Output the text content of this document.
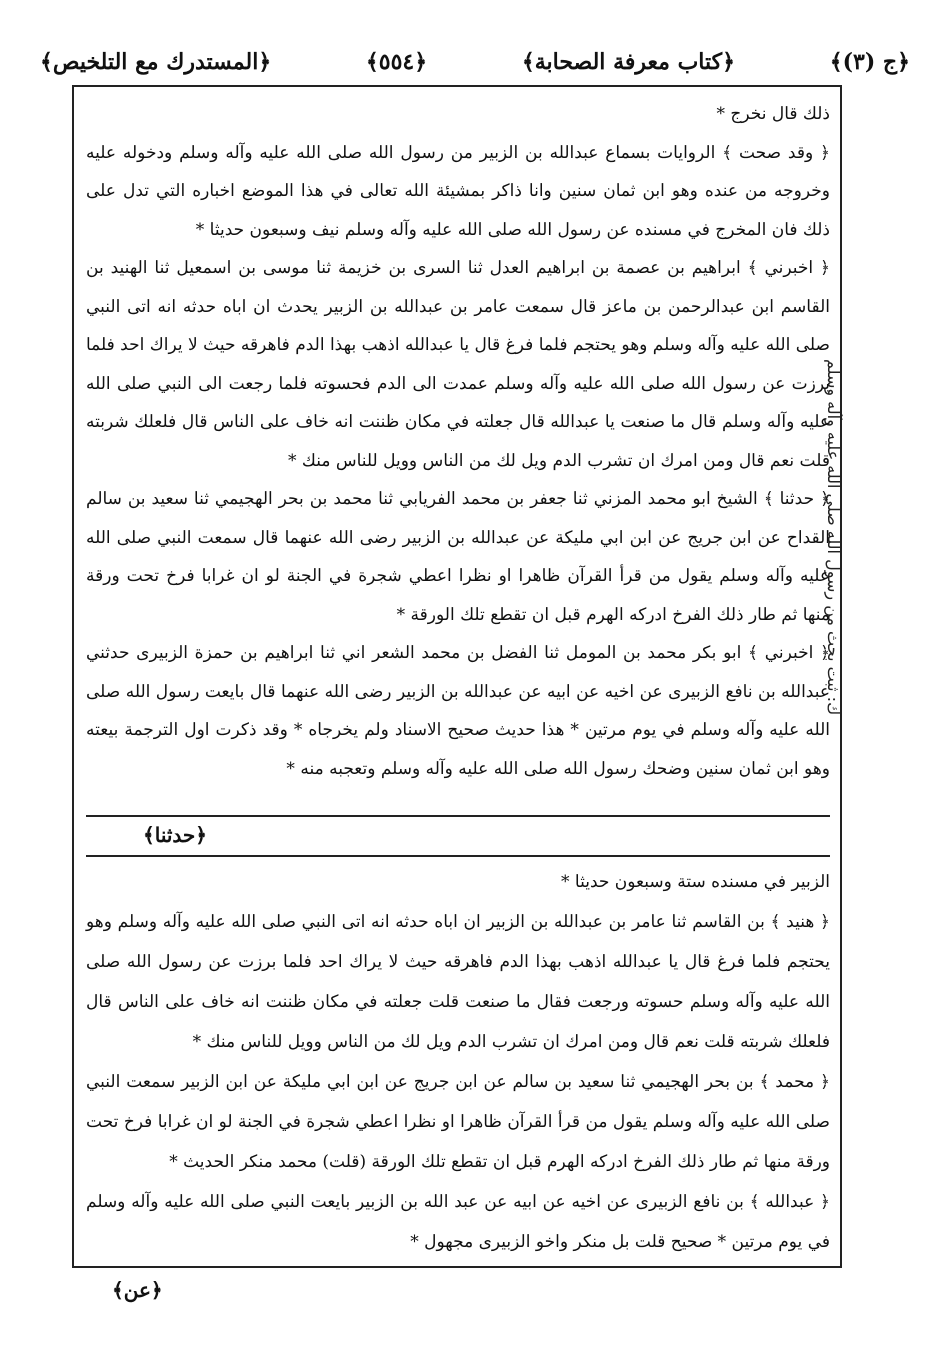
﴿المستدرك مع التلخيص﴾	﴿٥٥٤﴾	﴿كتاب معرفة الصحابة﴾	﴿ج (٣)﴾
ك: ثبت بحث من رسول الله صلى الله عليه وآله وسلم

ذلك قال نخرج *

﴿ وقد صحت ﴾ الروايات بسماع عبدالله بن الزبير من رسول الله صلى الله عليه وآله وسلم ودخوله عليه وخروجه من عنده وهو ابن ثمان سنين وانا ذاكر بمشيئة الله تعالى في هذا الموضع اخباره التي تدل على ذلك فان المخرج في مسنده عن رسول الله صلى الله عليه وآله وسلم نيف وسبعون حديثا *

﴿ اخبرني ﴾ ابراهيم بن عصمة بن ابراهيم العدل ثنا السرى بن خزيمة ثنا موسى بن اسمعيل ثنا الهنيد بن القاسم ابن عبدالرحمن بن ماعز قال سمعت عامر بن عبدالله بن الزبير يحدث ان اباه حدثه انه اتى النبي صلى الله عليه وآله وسلم وهو يحتجم فلما فرغ قال يا عبدالله اذهب بهذا الدم فاهرقه حيث لا يراك احد فلما برزت عن رسول الله صلى الله عليه وآله وسلم عمدت الى الدم فحسوته فلما رجعت الى النبي صلى الله عليه وآله وسلم قال ما صنعت يا عبدالله قال جعلته في مكان ظننت انه خاف على الناس قال فلعلك شربته قلت نعم قال ومن امرك ان تشرب الدم ويل لك من الناس وويل للناس منك *

﴿ حدثنا ﴾ الشيخ ابو محمد المزني ثنا جعفر بن محمد الفريابي ثنا محمد بن بحر الهجيمي ثنا سعيد بن سالم القداح عن ابن جريج عن ابن ابي مليكة عن عبدالله بن الزبير رضى الله عنهما قال سمعت النبي صلى الله عليه وآله وسلم يقول من قرأ القرآن ظاهرا او نظرا اعطي شجرة في الجنة لو ان غرابا فرخ تحت ورقة منها ثم طار ذلك الفرخ ادركه الهرم قبل ان تقطع تلك الورقة *

﴿ اخبرني ﴾ ابو بكر محمد بن المومل ثنا الفضل بن محمد الشعر اني ثنا ابراهيم بن حمزة الزبيرى حدثني عبدالله بن نافع الزبيرى عن اخيه عن ابيه عن عبدالله بن الزبير رضى الله عنهما قال بايعت رسول الله صلى الله عليه وآله وسلم في يوم مرتين * هذا حديث صحيح الاسناد ولم يخرجاه * وقد ذكرت اول الترجمة بيعته وهو ابن ثمان سنين وضحك رسول الله صلى الله عليه وآله وسلم وتعجبه منه *

﴿حدثنا﴾

الزبير في مسنده ستة وسبعون حديثا *

﴿ هنيد ﴾ بن القاسم ثنا عامر بن عبدالله بن الزبير ان اباه حدثه انه اتى النبي صلى الله عليه وآله وسلم وهو يحتجم فلما فرغ قال يا عبدالله اذهب بهذا الدم فاهرقه حيث لا يراك احد فلما برزت عن رسول الله صلى الله عليه وآله وسلم حسوته ورجعت فقال ما صنعت قلت جعلته في مكان ظننت انه خاف على الناس قال فلعلك شربته قلت نعم قال ومن امرك ان تشرب الدم ويل لك من الناس وويل للناس منك *

﴿ محمد ﴾ بن بحر الهجيمي ثنا سعيد بن سالم عن ابن جريج عن ابن ابي مليكة عن ابن الزبير سمعت النبي صلى الله عليه وآله وسلم يقول من قرأ القرآن ظاهرا او نظرا اعطي شجرة في الجنة لو ان غرابا فرخ تحت ورقة منها ثم طار ذلك الفرخ ادركه الهرم قبل ان تقطع تلك الورقة (قلت) محمد منكر الحديث *

﴿ عبدالله ﴾ بن نافع الزبيرى عن اخيه عن ابيه عن عبد الله بن الزبير بايعت النبي صلى الله عليه وآله وسلم في يوم مرتين * صحيح قلت بل منكر واخو الزبيرى مجهول *

﴿عن﴾
